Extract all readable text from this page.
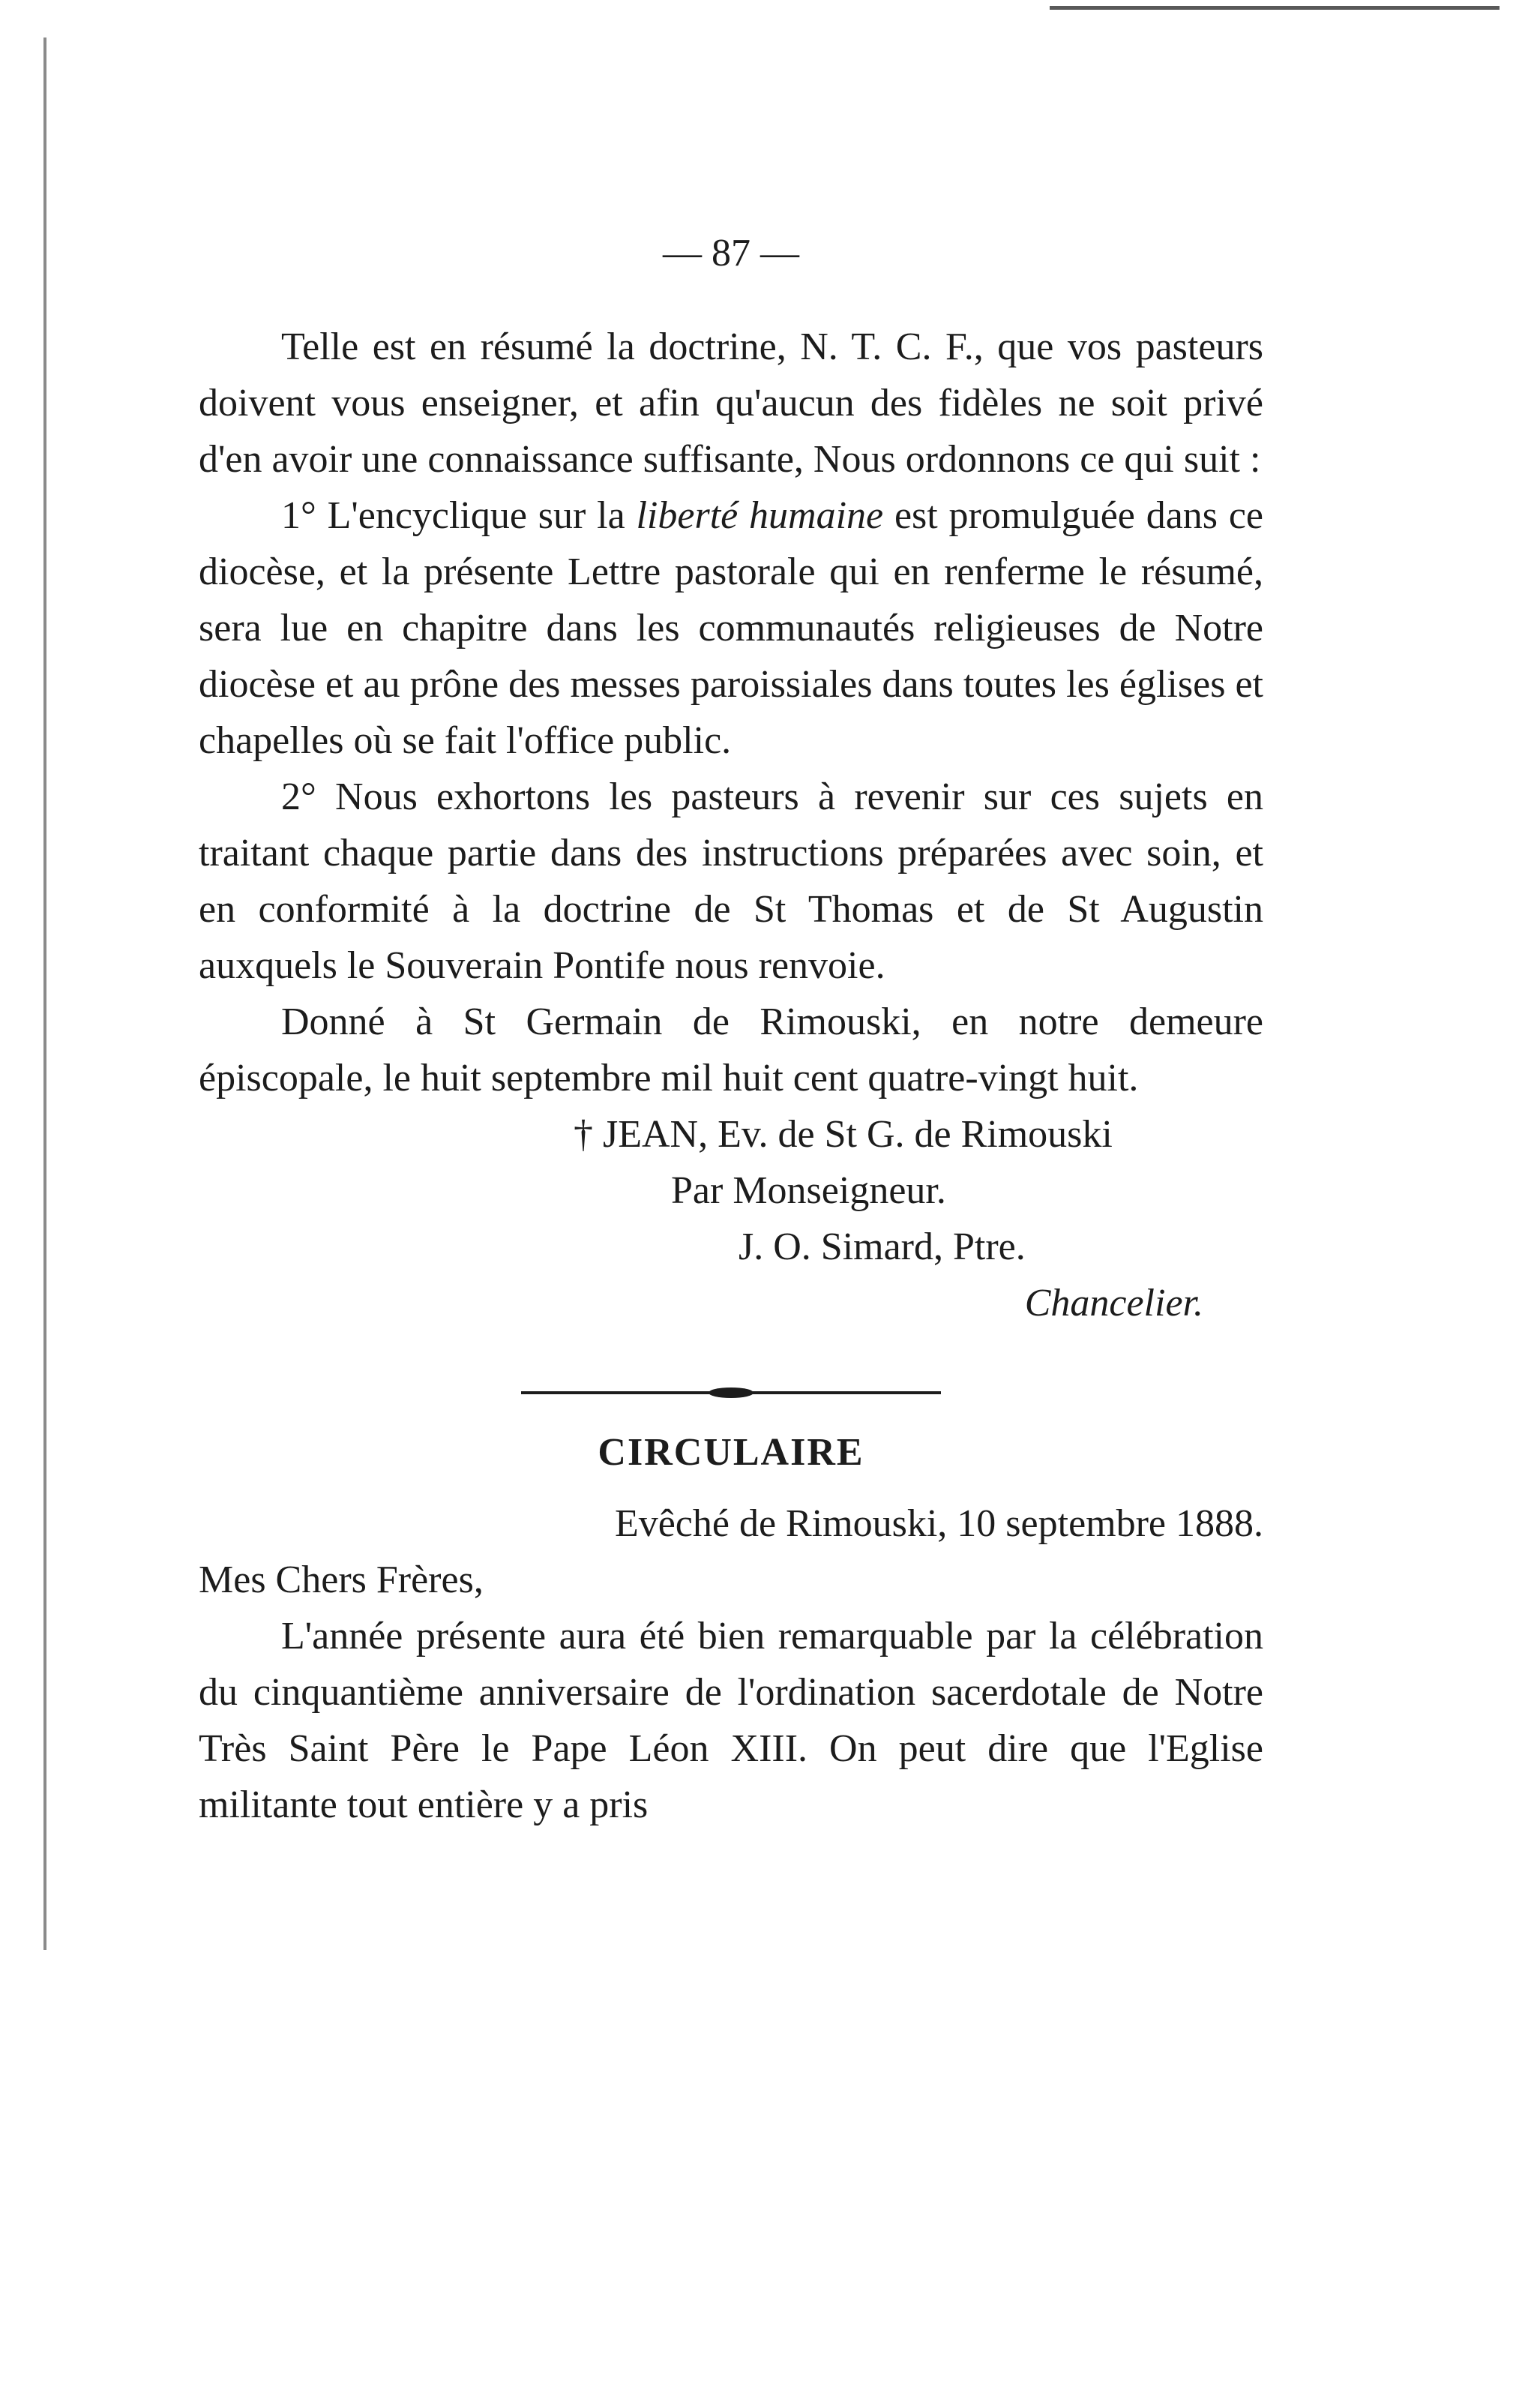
— 87 —

Telle est en résumé la doctrine, N. T. C. F., que vos pasteurs doivent vous enseigner, et afin qu'aucun des fidèles ne soit privé d'en avoir une connaissance suffisante, Nous ordonnons ce qui suit :

1° L'encyclique sur la liberté humaine est promulguée dans ce diocèse, et la présente Lettre pastorale qui en renferme le résumé, sera lue en chapitre dans les communautés religieuses de Notre diocèse et au prône des messes paroissiales dans toutes les églises et chapelles où se fait l'office public.

2° Nous exhortons les pasteurs à revenir sur ces sujets en traitant chaque partie dans des instructions préparées avec soin, et en conformité à la doctrine de St Thomas et de St Augustin auxquels le Souverain Pontife nous renvoie.

Donné à St Germain de Rimouski, en notre demeure épiscopale, le huit septembre mil huit cent quatre-vingt huit.

† JEAN, Ev. de St G. de Rimouski
Par Monseigneur.
J. O. Simard, Ptre.
Chancelier.
CIRCULAIRE
Evêché de Rimouski, 10 septembre 1888.
Mes Chers Frères,

L'année présente aura été bien remarquable par la célébration du cinquantième anniversaire de l'ordination sacerdotale de Notre Très Saint Père le Pape Léon XIII. On peut dire que l'Eglise militante tout entière y a pris
